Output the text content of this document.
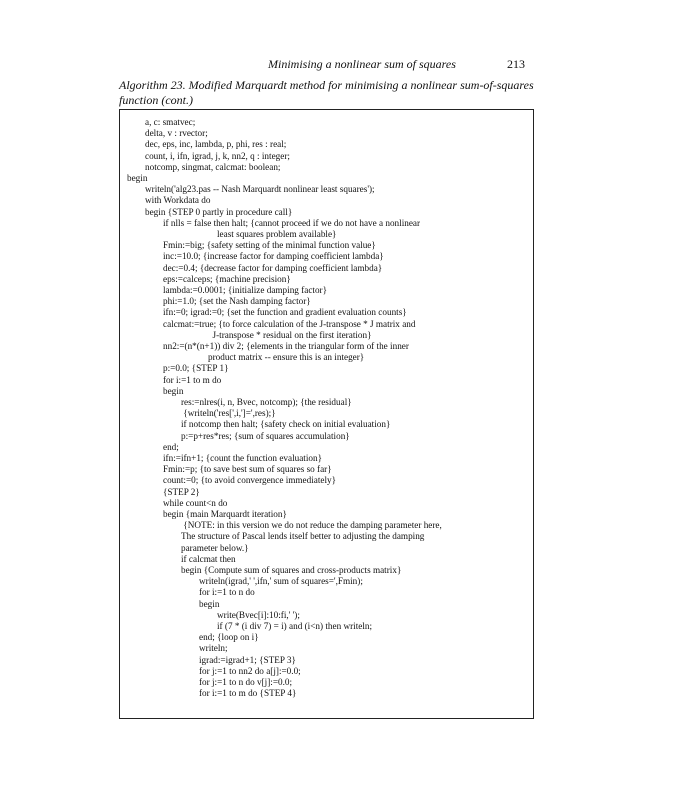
Minimising a nonlinear sum of squares	213
Algorithm 23. Modified Marquardt method for minimising a nonlinear sum-of-squares function (cont.)
a, c: smatvec;
delta, v : rvector;
dec, eps, inc, lambda, p, phi, res : real;
count, i, ifn, igrad, j, k, nn2, q : integer;
notcomp, singmat, calcmat: boolean;
begin
writeln('alg23.pas -- Nash Marquardt nonlinear least squares');
with Workdata do
begin {STEP 0 partly in procedure call}
if nlls = false then halt; {cannot proceed if we do not have a nonlinear
least squares problem available}
Fmin:=big; {safety setting of the minimal function value}
inc:=10.0; {increase factor for damping coefficient lambda}
dec:=0.4; {decrease factor for damping coefficient lambda}
eps:=calceps; {machine precision}
lambda:=0.0001; {initialize damping factor}
phi:=1.0; {set the Nash damping factor}
ifn:=0; igrad:=0; {set the function and gradient evaluation counts}
calcmat:=true; {to force calculation of the J-transpose * J matrix and
J-transpose * residual on the first iteration}
nn2:=(n*(n+1)) div 2; {elements in the triangular form of the inner
product matrix -- ensure this is an integer}
p:=0.0; {STEP 1}
for i:=1 to m do
begin
res:=nlres(i, n, Bvec, notcomp); {the residual}
{writeln('res[',i,']=',res);}
if notcomp then halt; {safety check on initial evaluation}
p:=p+res*res; {sum of squares accumulation}
end;
ifn:=ifn+1; {count the function evaluation}
Fmin:=p; {to save best sum of squares so far}
count:=0; {to avoid convergence immediately}
{STEP 2}
while count<n do
begin {main Marquardt iteration}
{NOTE: in this version we do not reduce the damping parameter here,
The structure of Pascal lends itself better to adjusting the damping
parameter below.}
if calcmat then
begin {Compute sum of squares and cross-products matrix}
writeln(igrad,' ',ifn,' sum of squares=',Fmin);
for i:=1 to n do
begin
write(Bvec[i]:10:fi,' ');
if (7 * (i div 7) = i) and (i<n) then writeln;
end; {loop on i}
writeln;
igrad:=igrad+1; {STEP 3}
for j:=1 to nn2 do a[j]:=0.0;
for j:=1 to n do v[j]:=0.0;
for i:=1 to m do {STEP 4}
